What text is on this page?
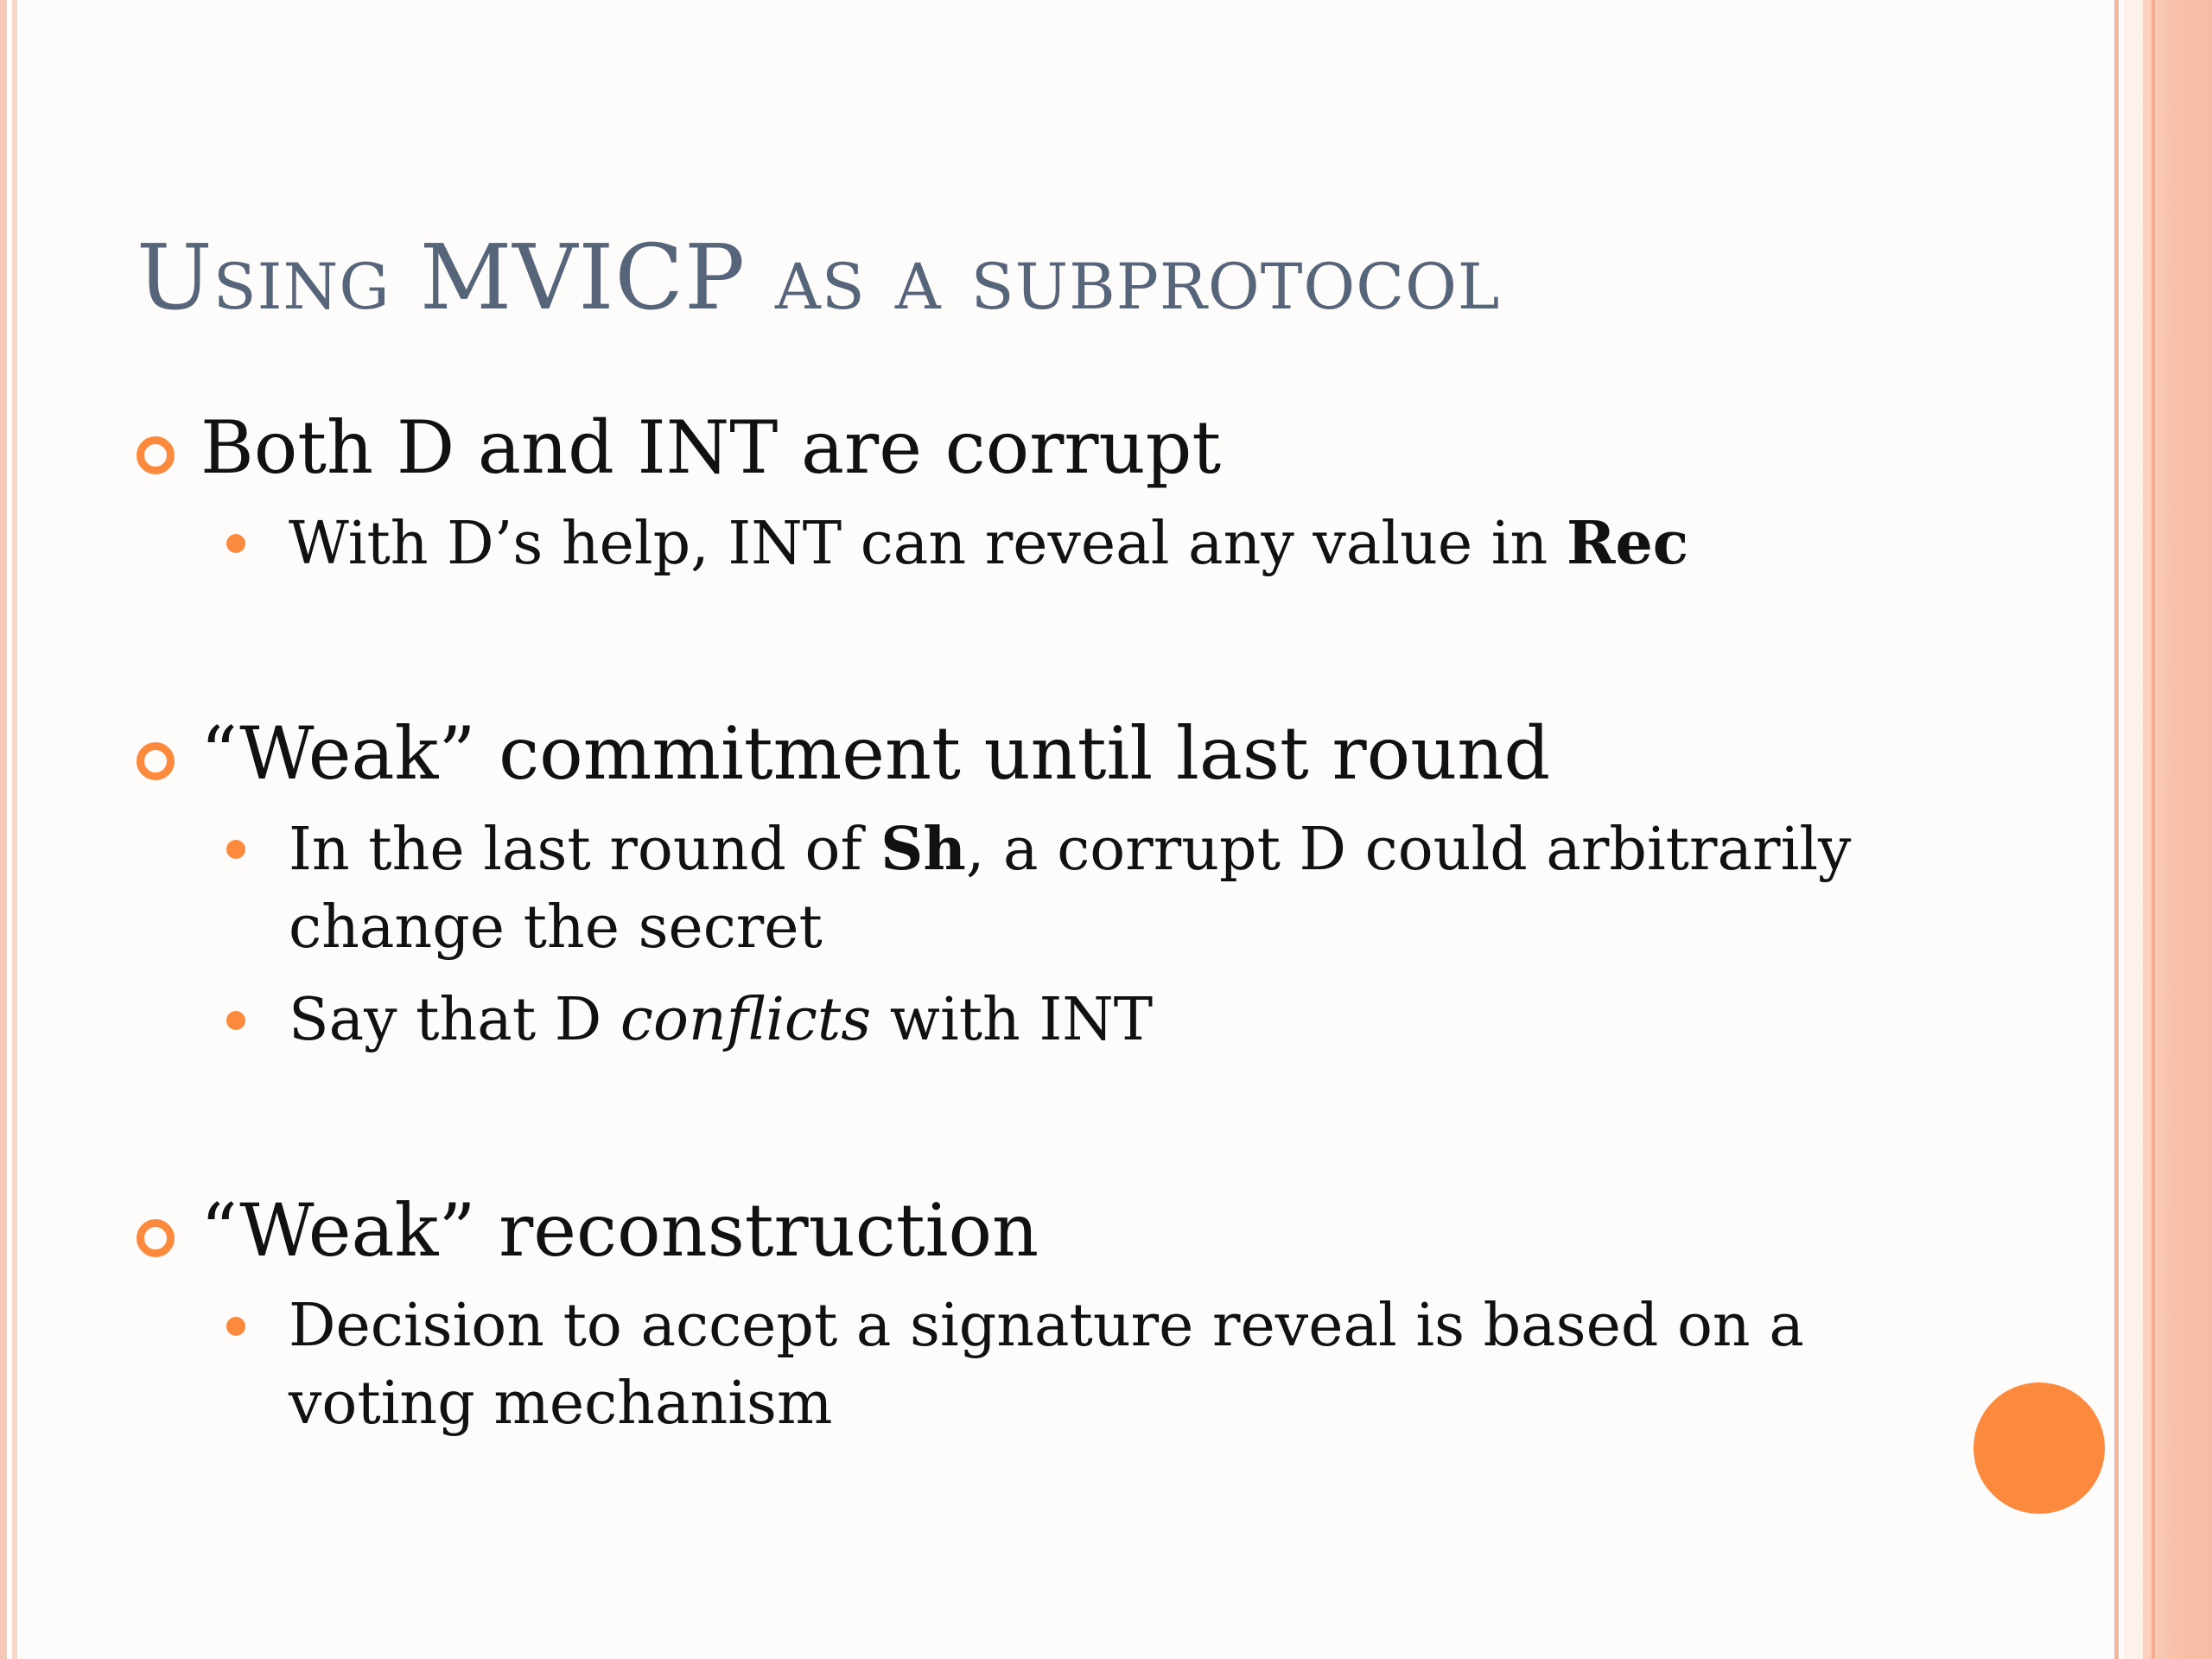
Using MVICP as a subprotocol
Both D and INT are corrupt
With D’s help, INT can reveal any value in Rec
“Weak” commitment until last round
In the last round of Sh, a corrupt D could arbitrarily change the secret
Say that D conflicts with INT
“Weak” reconstruction
Decision to accept a signature reveal is based on a voting mechanism
